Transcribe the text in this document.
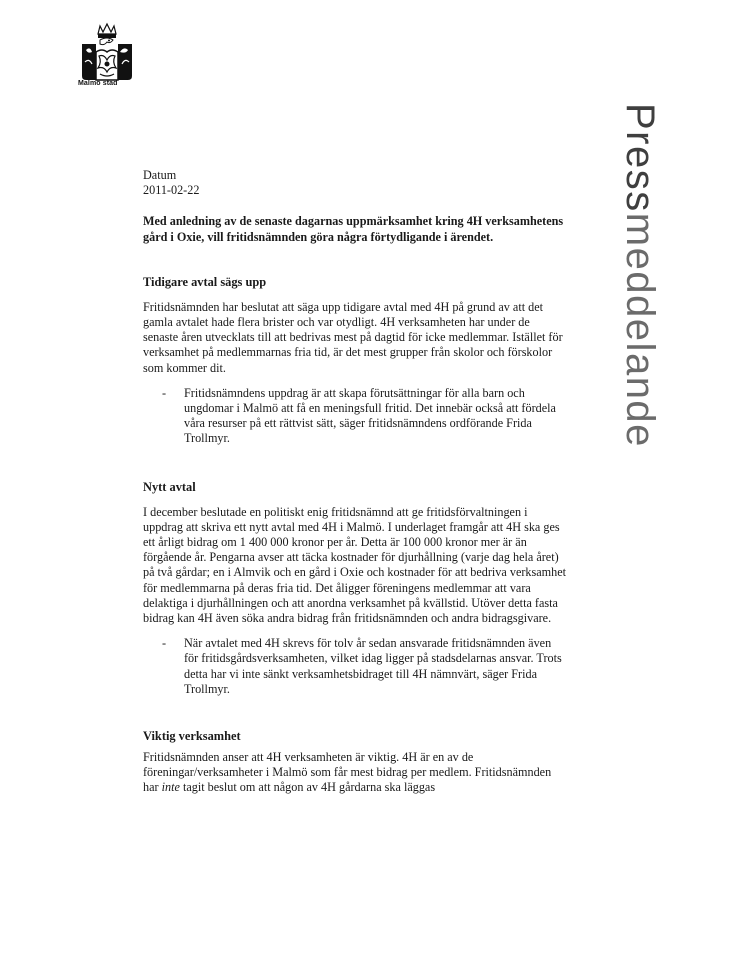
Malmö stad
Pressmeddelande

Datum

2011-02-22

Med anledning av de senaste dagarnas uppmärksamhet kring 4H verksamhetens gård i Oxie, vill fritidsnämnden göra några förtydligande i ärendet.

Tidigare avtal sägs upp

Fritidsnämnden har beslutat att säga upp tidigare avtal med 4H på grund av att det gamla avtalet hade flera brister och var otydligt. 4H verksamheten har under de senaste åren utvecklats till att bedrivas mest på dagtid för icke medlemmar. Istället för verksamhet på medlemmarnas fria tid, är det mest grupper från skolor och förskolor som kommer dit.

-	Fritidsnämndens uppdrag är att skapa förutsättningar för alla barn och ungdomar i Malmö att få en meningsfull fritid. Det innebär också att fördela våra resurser på ett rättvist sätt, säger fritidsnämndens ordförande Frida Trollmyr.
Nytt avtal

I december beslutade en politiskt enig fritidsnämnd att ge fritidsförvaltningen i uppdrag att skriva ett nytt avtal med 4H i Malmö. I underlaget framgår att 4H ska ges ett årligt bidrag om 1 400 000 kronor per år. Detta är 100 000 kronor mer är än förgående år. Pengarna avser att täcka kostnader för djurhållning (varje dag hela året) på två gårdar; en i Almvik och en gård i Oxie och kostnader för att bedriva verksamhet för medlemmarna på deras fria tid. Det åligger föreningens medlemmar att vara delaktiga i djurhållningen och att anordna verksamhet på kvällstid. Utöver detta fasta bidrag kan 4H även söka andra bidrag från fritidsnämnden och andra bidragsgivare.

-	När avtalet med 4H skrevs för tolv år sedan ansvarade fritidsnämnden även för fritidsgårdsverksamheten, vilket idag ligger på stadsdelarnas ansvar. Trots detta har vi inte sänkt verksamhetsbidraget till 4H nämnvärt, säger Frida Trollmyr.
Viktig verksamhet

Fritidsnämnden anser att 4H verksamheten är viktig. 4H är en av de föreningar/verksamheter i Malmö som får mest bidrag per medlem. Fritidsnämnden har inte tagit beslut om att någon av 4H gårdarna ska läggas
